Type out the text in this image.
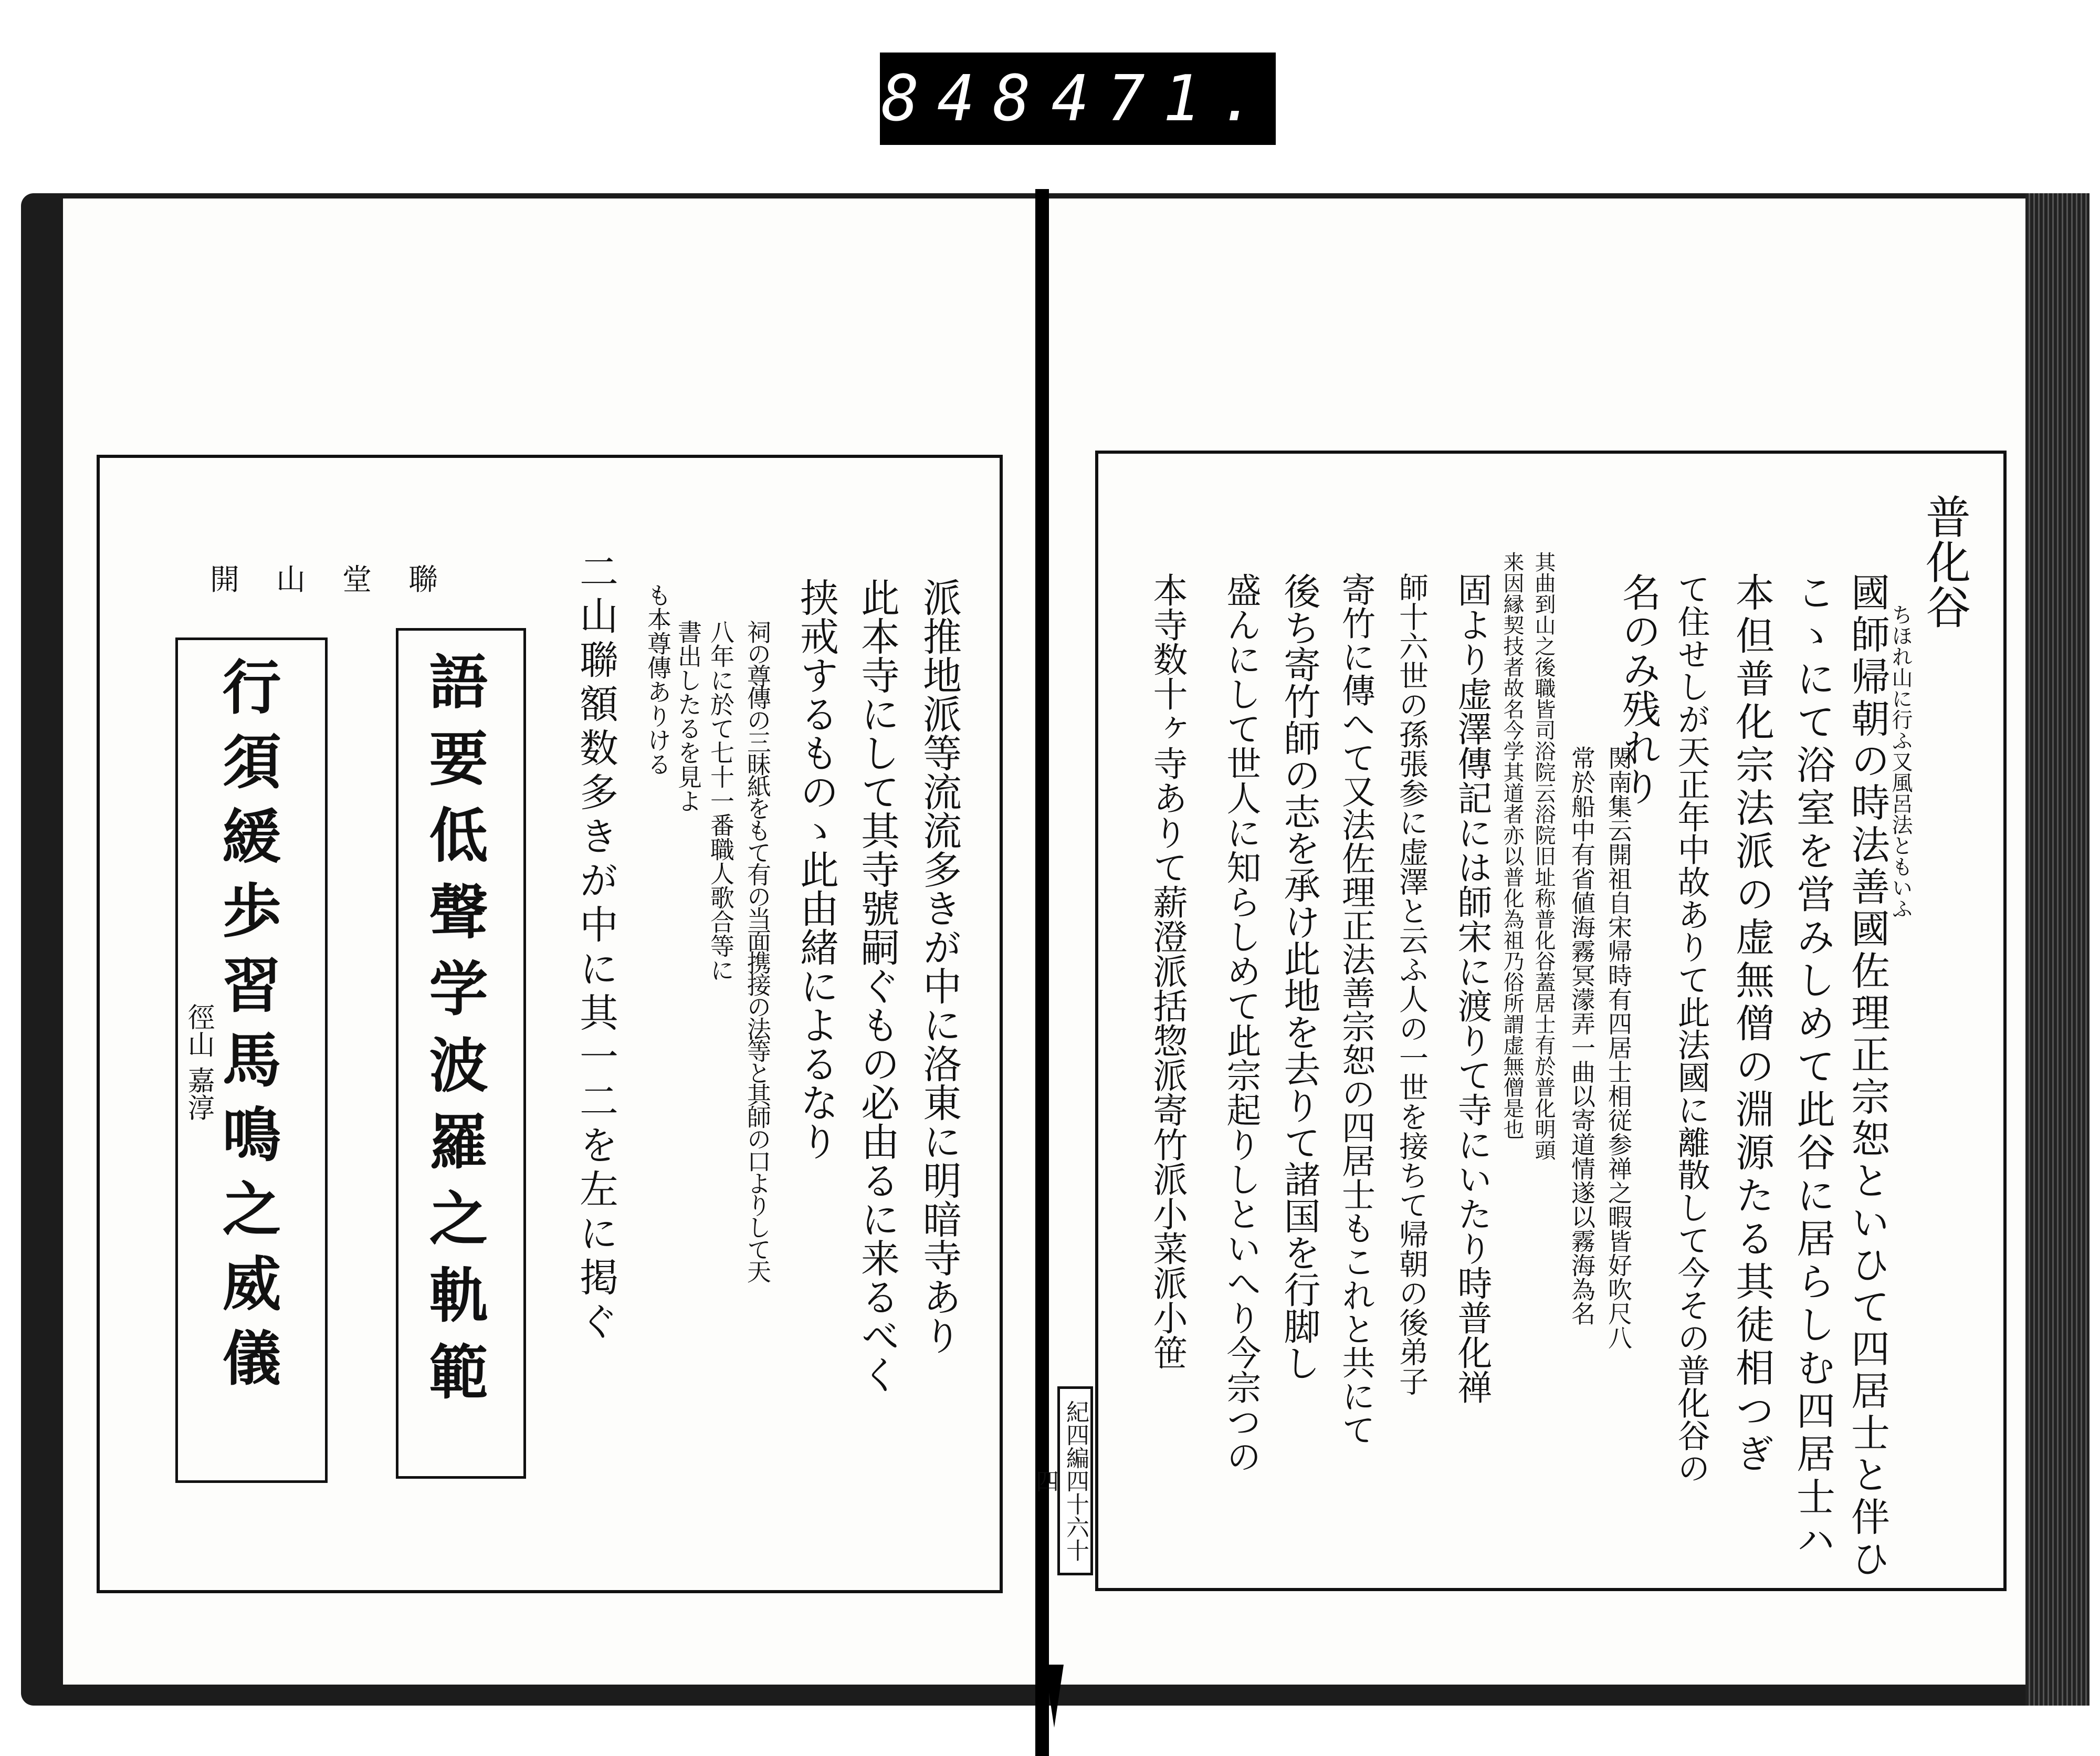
848 471.
開山堂聯
語要低聲学波羅之軌範
行須緩歩習馬鳴之威儀
徑山 嘉淳	二山聯額数多きが中に其一二を左に掲ぐ	派推地派等流流多きが中に洛東に明暗寺あり
此本寺にして其寺號嗣ぐもの必由るに来るべく
挟戒するものゝ此由緒によるなり
祠の尊傳の三昧紙をもて有の当面携接の法等と其師の口よりして天
八年に於て七十一番職人歌合等に
書出したるを見よ
も本尊傳ありける
普化谷
ちほれ山に行ふ又風呂法ともいふ
國師帰朝の時法善國佐理正宗恕といひて四居士と伴ひ
こゝにて浴室を営みしめて此谷に居らしむ四居士ハ
本但普化宗法派の虚無僧の淵源たる其徒相つぎ
て住せしが天正年中故ありて此法國に離散して今その普化谷の
名のみ残れり
関南集云開祖自宋帰時有四居士相従参禅之暇皆好吹尺八
常於船中有省値海霧冥濛弄一曲以寄道情遂以霧海為名
其曲到山之後職皆司浴院云浴院旧址称普化谷蓋居士有於普化明頭
来因縁契技者故名今学其道者亦以普化為祖乃俗所謂虚無僧是也
固より虚澤傳記には師宋に渡りて寺にいたり時普化禅
師十六世の孫張参に虚澤と云ふ人の一世を接ちて帰朝の後弟子
寄竹に傳へて又法佐理正法善宗恕の四居士もこれと共にて
後ち寄竹師の志を承け此地を去りて諸国を行脚し
盛んにして世人に知らしめて此宗起りしといへり今宗つの
本寺数十ヶ寺ありて薪澄派括惣派寄竹派小菜派小笹
紀四編四十六十四
